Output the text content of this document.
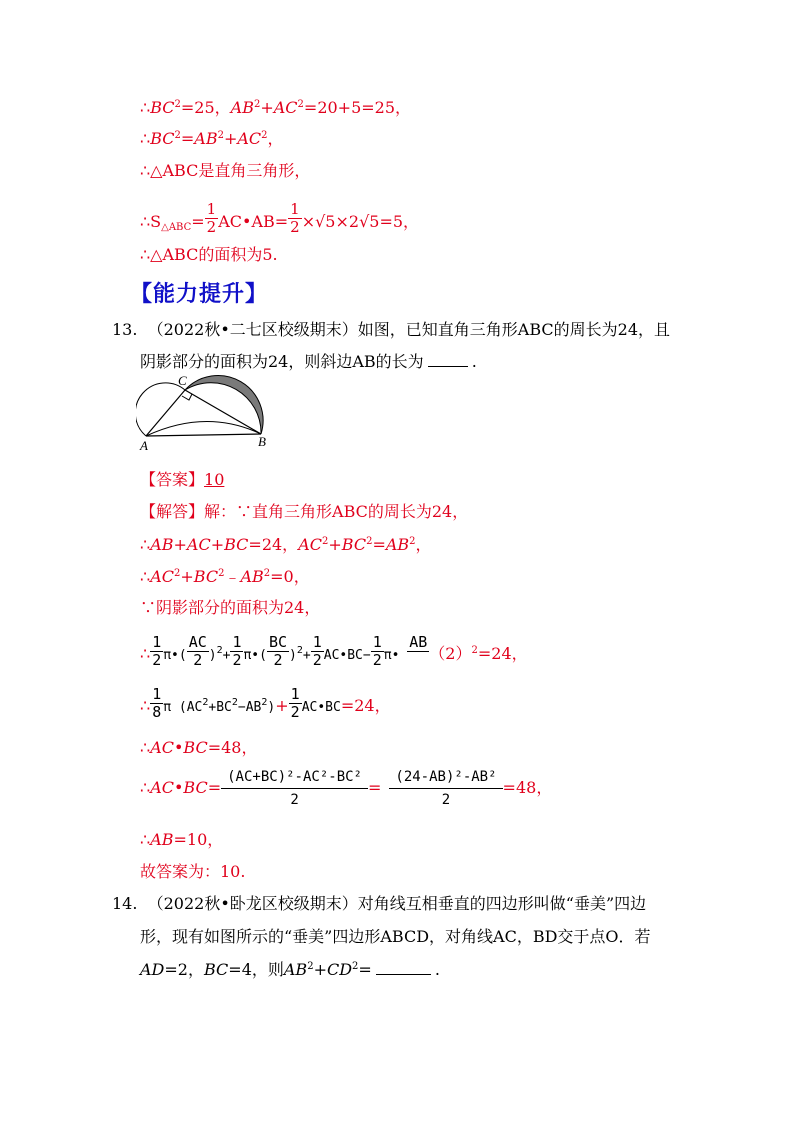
$\therefore BC^2=25$，$AB^2+AC^2=20+5=25$，
$\therefore BC^2=AB^2+AC^2$，
∴△ABC是直角三角形，
$\therefore S_{\triangle ABC}= \frac{1}{2}$ AC•AB= $\frac{1}{2} \times√5\times 2√5=5$，
∴△ABC的面积为5.
【能力提升】
13. （2022秋•二七区校级期末）如图，已知直角三角形ABC的周长为24，且
阴影部分的面积为24，则斜边AB的长为	.
A	B
C
【答案】10
【解答】解：∵直角三角形ABC的周长为24，
∴AB+AC+BC=24，$AC^2+BC^2=AB^2$，
$\therefore AC^2+BC^2﹣AB^2=0$，
∵阴影部分的面积为24，
∴ $\frac{1}{2}$ π•( $\frac{AC}{2} )^2+ \frac{1}{2}$ π•( $\frac{BC}{2} )^2+ \frac{1}{2}$ AC•BC− $\frac{1}{2}$ π•
AB

$(2)^2=24$，
∴ $\frac{1}{8}$ π $(AC^2+BC^2-AB^2)+ \frac{1}{2}$ AC•BC=24，
∴AC•BC=48，
∴AC•BC= $\frac{\text{(AC+BC)²-AC²-BC²}}{2} = \frac{\text{(24-AB)²-AB²}}{2} =48$，
∴AB=10，
故答案为：10.
14. （2022秋•卧龙区校级期末）对角线互相垂直的四边形叫做“垂美”四边
形，现有如图所示的“垂美”四边形ABCD，对角线AC，BD交于点O．若
AD=2，BC=4，则$AB^2+CD^2=$	.
